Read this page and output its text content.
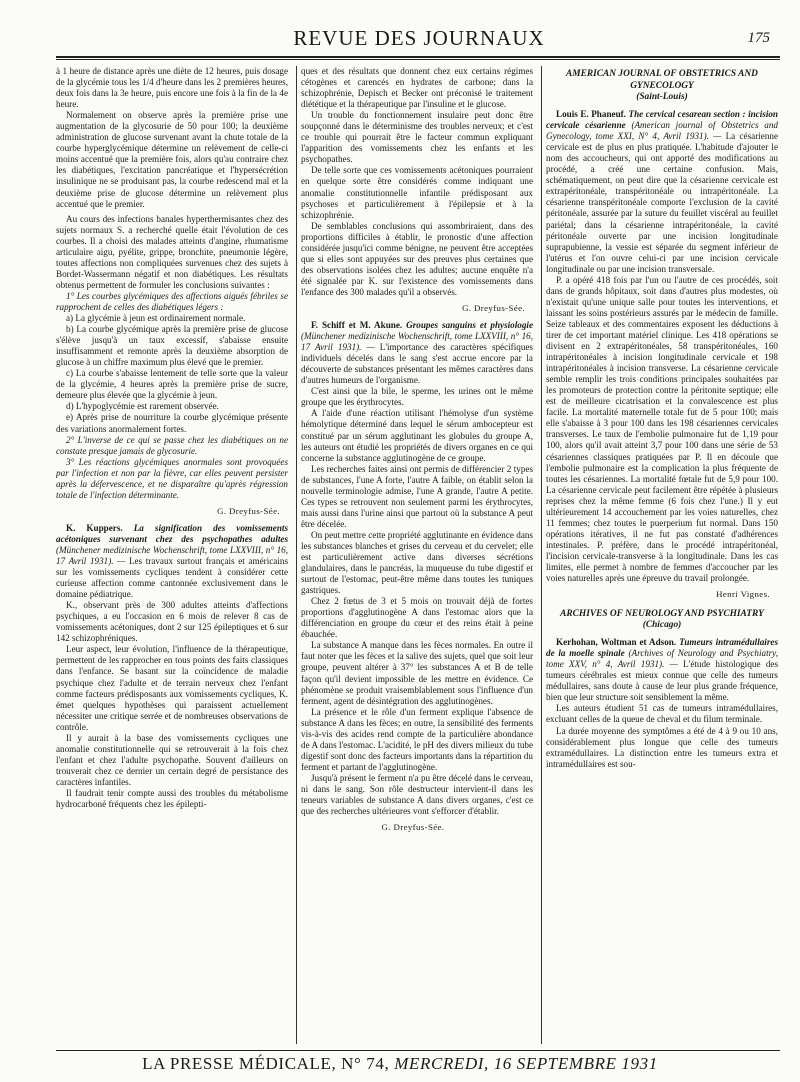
REVUE DES JOURNAUX	175

à 1 heure de distance après une diète de 12 heures, puis dosage de la glycémie tous les 1/4 d'heure dans les 2 premières heures, deux fois dans la 3e heure, puis encore une fois à la fin de la 4e heure.

Normalement on observe après la première prise une augmentation de la glycosurie de 50 pour 100; la deuxième administration de glucose survenant avant la chute totale de la courbe hyperglycémique détermine un relèvement de celle-ci moins accentué que la première fois, alors qu'au contraire chez les diabétiques, l'excitation pancréatique et l'hypersécrétion insulinique ne se produisant pas, la courbe redescend mal et la deuxième prise de glucose détermine un relèvement plus accentué que le premier.

Au cours des infections banales hyperthermisantes chez des sujets normaux S. a recherché quelle était l'évolution de ces courbes. Il a choisi des malades atteints d'angine, rhumatisme articulaire aigu, pyélite, grippe, bronchite, pneumonie légère, toutes affections non compliquées survenues chez des sujets à Bordet-Wassermann négatif et non diabétiques. Les résultats obtenus permettent de formuler les conclusions suivantes :

1° Les courbes glycémiques des affections aiguës fébriles se rapprochent de celles des diabétiques légers :

a) La glycémie à jeun est ordinairement normale.

b) La courbe glycémique après la première prise de glucose s'élève jusqu'à un taux excessif, s'abaisse ensuite insuffisamment et remonte après la deuxième absorption de glucose à un chiffre maximum plus élevé que le premier.

c) La courbe s'abaisse lentement de telle sorte que la valeur de la glycémie, 4 heures après la première prise de sucre, demeure plus élevée que la glycémie à jeun.

d) L'hypoglycémie est rarement observée.

e) Après prise de nourriture la courbe glycémique présente des variations anormalement fortes.

2° L'inverse de ce qui se passe chez les diabétiques on ne constate presque jamais de glycosurie.

3° Les réactions glycémiques anormales sont provoquées par l'infection et non par la fièvre, car elles peuvent persister après la défervescence, et ne disparaître qu'après régression totale de l'infection déterminante.

G. Dreyfus-Sée.

K. Kuppers. La signification des vomissements acétoniques survenant chez des psychopathes adultes (Münchener medizinische Wochenschrift, tome LXXVIII, n° 16, 17 Avril 1931). — Les travaux surtout français et américains sur les vomissements cycliques tendent à considérer cette curieuse affection comme cantonnée exclusivement dans le domaine pédiatrique.

K., observant près de 300 adultes atteints d'affections psychiques, a eu l'occasion en 6 mois de relever 8 cas de vomissements acétoniques, dont 2 sur 125 épileptiques et 6 sur 142 schizophréniques.

Leur aspect, leur évolution, l'influence de la thérapeutique, permettent de les rapprocher en tous points des faits classiques dans l'enfance. Se basant sur la coïncidence de maladie psychique chez l'adulte et de terrain nerveux chez l'enfant comme facteurs prédisposants aux vomissements cycliques, K. émet quelques hypothèses qui paraissent actuellement nécessiter une critique serrée et de nombreuses observations de contrôle.

Il y aurait à la base des vomissements cycliques une anomalie constitutionnelle qui se retrouverait à la fois chez l'enfant et chez l'adulte psychopathe. Souvent d'ailleurs on trouverait chez ce dernier un certain degré de persistance des caractères infantiles.

Il faudrait tenir compte aussi des troubles du métabolisme hydrocarboné fréquents chez les épilepti-

ques et des résultats que donnent chez eux certains régimes cétogènes et carencés en hydrates de carbone; dans la schizophrénie, Depisch et Becker ont préconisé le traitement diététique et la thérapeutique par l'insuline et le glucose.

Un trouble du fonctionnement insulaire peut donc être soupçonné dans le déterminisme des troubles nerveux; et c'est ce trouble qui pourrait être le facteur commun expliquant l'apparition des vomissements chez les enfants et les psychopathes.

De telle sorte que ces vomissements acétoniques pourraient en quelque sorte être considérés comme indiquant une anomalie constitutionnelle infantile prédisposant aux psychoses et particulièrement à l'épilepsie et à la schizophrénie.

De semblables conclusions qui assombriraient, dans des proportions difficiles à établir, le pronostic d'une affection considérée jusqu'ici comme bénigne, ne peuvent être acceptées que si elles sont appuyées sur des preuves plus certaines que des observations isolées chez les adultes; aucune enquête n'a été signalée par K. sur l'existence des vomissements dans l'enfance des 300 malades qu'il a observés.

G. Dreyfus-Sée.

F. Schiff et M. Akune. Groupes sanguins et physiologie (Münchener medizinische Wochenschrift, tome LXXVIII, n° 16, 17 Avril 1931). — L'importance des caractères spécifiques individuels décelés dans le sang s'est accrue encore par la découverte de substances présentant les mêmes caractères dans d'autres humeurs de l'organisme.

C'est ainsi que la bile, le sperme, les urines ont le même groupe que les érythrocytes.

A l'aide d'une réaction utilisant l'hémolyse d'un système hémolytique déterminé dans lequel le sérum ambocepteur est constitué par un sérum agglutinant les globules du groupe A, les auteurs ont étudié les propriétés de divers organes en ce qui concerne la substance agglutinogène de ce groupe.

Les recherches faites ainsi ont permis de différencier 2 types de substances, l'une A forte, l'autre A faible, on établit selon la nouvelle terminologie admise, l'une A grande, l'autre A petite. Ces types se retrouvent non seulement parmi les érythrocytes, mais aussi dans l'urine ainsi que partout où la substance A peut être décelée.

On peut mettre cette propriété agglutinante en évidence dans les substances blanches et grises du cerveau et du cervelet; elle est particulièrement active dans diverses sécrétions glandulaires, dans le pancréas, la muqueuse du tube digestif et surtout de l'estomac, peut-être même dans toutes les tuniques gastriques.

Chez 2 fœtus de 3 et 5 mois on trouvait déjà de fortes proportions d'agglutinogène A dans l'estomac alors que la différenciation en groupe du cœur et des reins était à peine ébauchée.

La substance A manque dans les fèces normales. En outre il faut noter que les fèces et la salive des sujets, quel que soit leur groupe, peuvent altérer à 37° les substances A et B de telle façon qu'il devient impossible de les mettre en évidence. Ce phénomène se produit vraisemblablement sous l'influence d'un ferment, agent de désintégration des agglutinogènes.

La présence et le rôle d'un ferment explique l'absence de substance A dans les fèces; en outre, la sensibilité des ferments vis-à-vis des acides rend compte de la particulière abondance de A dans l'estomac. L'acidité, le pH des divers milieux du tube digestif sont donc des facteurs importants dans la répartition du ferment et partant de l'agglutinogène.

Jusqu'à présent le ferment n'a pu être décelé dans le cerveau, ni dans le sang. Son rôle destructeur intervient-il dans les teneurs variables de substance A dans divers organes, c'est ce que des recherches ultérieures vont s'efforcer d'établir.

G. Dreyfus-Sée.

AMERICAN JOURNAL OF OBSTETRICS AND GYNECOLOGY

(Saint-Louis)

Louis E. Phaneuf. The cervical cesarean section : incision cervicale césarienne (American journal of Obstetrics and Gynecology, tome XXI, N° 4, Avril 1931). — La césarienne cervicale est de plus en plus pratiquée. L'habitude d'ajouter le nom des accoucheurs, qui ont apporté des modifications au procédé, a créé une certaine confusion. Mais, schématiquement, on peut dire que la césarienne cervicale est extrapéritonéale, transpéritonéale ou intrapéritonéale. La césarienne transpéritonéale comporte l'exclusion de la cavité péritonéale, assurée par la suture du feuillet viscéral au feuillet pariétal; dans la césarienne intrapéritonéale, la cavité péritonéale ouverte par une incision longitudinale suprapubienne, la vessie est séparée du segment inférieur de l'utérus et l'on ouvre celui-ci par une incision cervicale longitudinale ou par une incision transversale.

P. a opéré 418 fois par l'un ou l'autre de ces procédés, soit dans de grands hôpitaux, soit dans d'autres plus modestes, où n'existait qu'une unique salle pour toutes les interventions, et laissant les soins postérieurs assurés par le médecin de famille. Seize tableaux et des commentaires exposent les déductions à tirer de cet important matériel clinique. Les 418 opérations se divisent en 2 extrapéritonéales, 58 transpéritonéales, 160 intrapéritonéales à incision longitudinale cervicale et 198 intrapéritonéales à incision transverse. La césarienne cervicale semble remplir les trois conditions principales souhaitées par les promoteurs de protection contre la péritonite septique; elle est de meilleure cicatrisation et la convalescence est plus facile. La mortalité maternelle totale fut de 5 pour 100; mais elle s'abaisse à 3 pour 100 dans les 198 césariennes cervicales transverses. Le taux de l'embolie pulmonaire fut de 1,19 pour 100, alors qu'il avait atteint 3,7 pour 100 dans une série de 53 césariennes classiques pratiquées par P. Il en découle que l'embolie pulmonaire est la complication la plus fréquente de toutes les césariennes. La mortalité fœtale fut de 5,9 pour 100. La césarienne cervicale peut facilement être répétée à plusieurs reprises chez la même femme (6 fois chez l'une.) Il y eut ultérieurement 14 accouchement par les voies naturelles, chez 11 femmes; chez toutes le puerperium fut normal. Dans 150 opérations itératives, il ne fut pas constaté d'adhérences intestinales. P. préfère, dans le procédé intrapéritonéal, l'incision cervicale-transverse à la longitudinale. Dans les cas limites, elle permet à nombre de femmes d'accoucher par les voies naturelles après une épreuve du travail prolongée.

Henri Vignes.

ARCHIVES OF NEUROLOGY AND PSYCHIATRY

(Chicago)

Kerhohan, Woltman et Adson. Tumeurs intramédullaires de la moelle spinale (Archives of Neurology and Psychiatry, tome XXV, n° 4, Avril 1931). — L'étude histologique des tumeurs cérébrales est mieux connue que celle des tumeurs médullaires, sans doute à cause de leur plus grande fréquence, bien que leur structure soit sensiblement la même.

Les auteurs étudient 51 cas de tumeurs intramédullaires, excluant celles de la queue de cheval et du filum terminale.

La durée moyenne des symptômes a été de 4 à 9 ou 10 ans, considérablement plus longue que celle des tumeurs extramédullaires. La distinction entre les tumeurs extra et intramédullaires est sou-

LA PRESSE MÉDICALE, N° 74, MERCREDI, 16 SEPTEMBRE 1931
